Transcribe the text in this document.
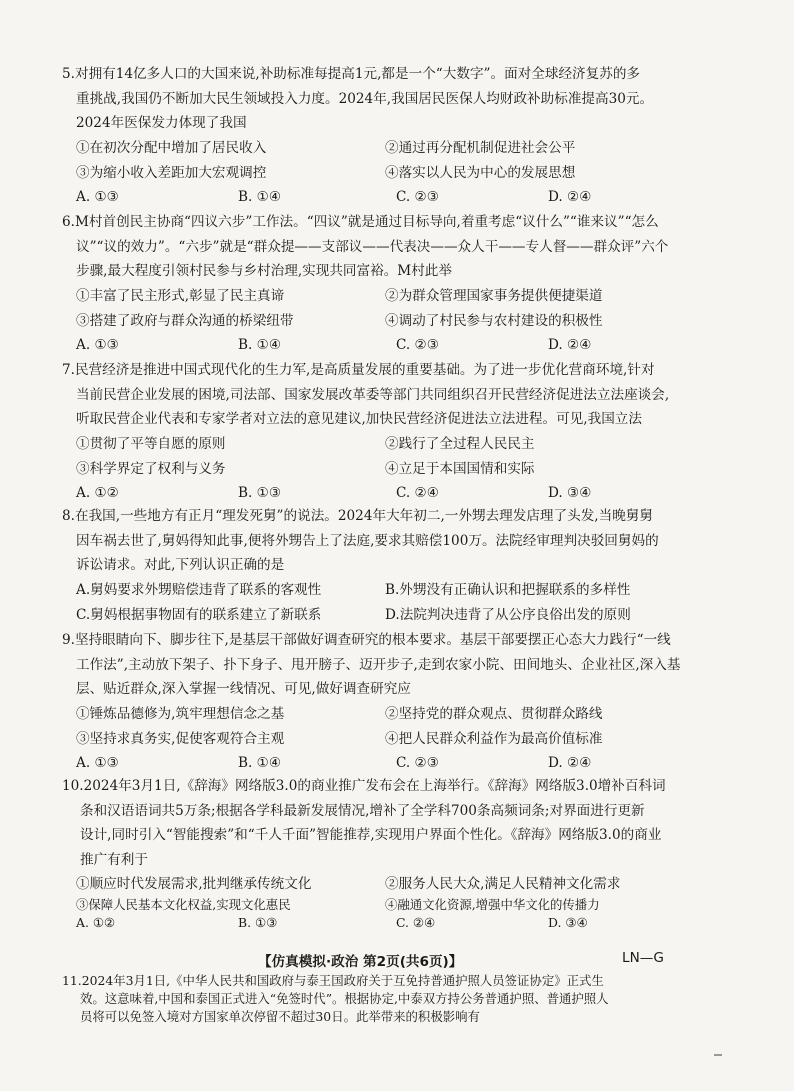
5.对拥有14亿多人口的大国来说,补助标准每提高1元,都是一个“大数字”。面对全球经济复苏的多
重挑战,我国仍不断加大民生领域投入力度。2024年,我国居民医保人均财政补助标准提高30元。
2024年医保发力体现了我国
①在初次分配中增加了居民收入	②通过再分配机制促进社会公平
③为缩小收入差距加大宏观调控	④落实以人民为中心的发展思想
A. ①③	B. ①④	C. ②③	D. ②④
6.M村首创民主协商“四议六步”工作法。“四议”就是通过目标导向,着重考虑“议什么”“谁来议”“怎么
议”“议的效力”。“六步”就是“群众提——支部议——代表决——众人干——专人督——群众评”六个
步骤,最大程度引领村民参与乡村治理,实现共同富裕。M村此举
①丰富了民主形式,彰显了民主真谛	②为群众管理国家事务提供便捷渠道
③搭建了政府与群众沟通的桥梁纽带	④调动了村民参与农村建设的积极性
A. ①③	B. ①④	C. ②③	D. ②④
7.民营经济是推进中国式现代化的生力军,是高质量发展的重要基础。为了进一步优化营商环境,针对
当前民营企业发展的困境,司法部、国家发展改革委等部门共同组织召开民营经济促进法立法座谈会,
听取民营企业代表和专家学者对立法的意见建议,加快民营经济促进法立法进程。可见,我国立法
①贯彻了平等自愿的原则	②践行了全过程人民民主
③科学界定了权利与义务	④立足于本国国情和实际
A. ①②	B. ①③	C. ②④	D. ③④
8.在我国,一些地方有正月“理发死舅”的说法。2024年大年初二,一外甥去理发店理了头发,当晚舅舅
因车祸去世了,舅妈得知此事,便将外甥告上了法庭,要求其赔偿100万。法院经审理判决驳回舅妈的
诉讼请求。对此,下列认识正确的是
A.舅妈要求外甥赔偿违背了联系的客观性	B.外甥没有正确认识和把握联系的多样性
C.舅妈根据事物固有的联系建立了新联系	D.法院判决违背了从公序良俗出发的原则
9.坚持眼睛向下、脚步往下,是基层干部做好调查研究的根本要求。基层干部要摆正心态大力践行“一线
工作法”,主动放下架子、扑下身子、甩开膀子、迈开步子,走到农家小院、田间地头、企业社区,深入基
层、贴近群众,深入掌握一线情况、可见,做好调查研究应
①锤炼品德修为,筑牢理想信念之基	②坚持党的群众观点、贯彻群众路线
③坚持求真务实,促使客观符合主观	④把人民群众利益作为最高价值标准
A. ①③	B. ①④	C. ②③	D. ②④
10.2024年3月1日,《辞海》网络版3.0的商业推广发布会在上海举行。《辞海》网络版3.0增补百科词
条和汉语语词共5万条;根据各学科最新发展情况,增补了全学科700条高频词条;对界面进行更新
设计,同时引入“智能搜索”和“千人千面”智能推荐,实现用户界面个性化。《辞海》网络版3.0的商业
推广有利于
①顺应时代发展需求,批判继承传统文化	②服务人民大众,满足人民精神文化需求
③保障人民基本文化权益,实现文化惠民	④融通文化资源,增强中华文化的传播力
A. ①②	B. ①③	C. ②④	D. ③④
【仿真模拟·政治 第2页(共6页)】	LN—G
11.2024年3月1日,《中华人民共和国政府与泰王国政府关于互免持普通护照人员签证协定》正式生
效。这意味着,中国和泰国正式进入“免签时代”。根据协定,中泰双方持公务普通护照、普通护照人
员将可以免签入境对方国家单次停留不超过30日。此举带来的积极影响有
